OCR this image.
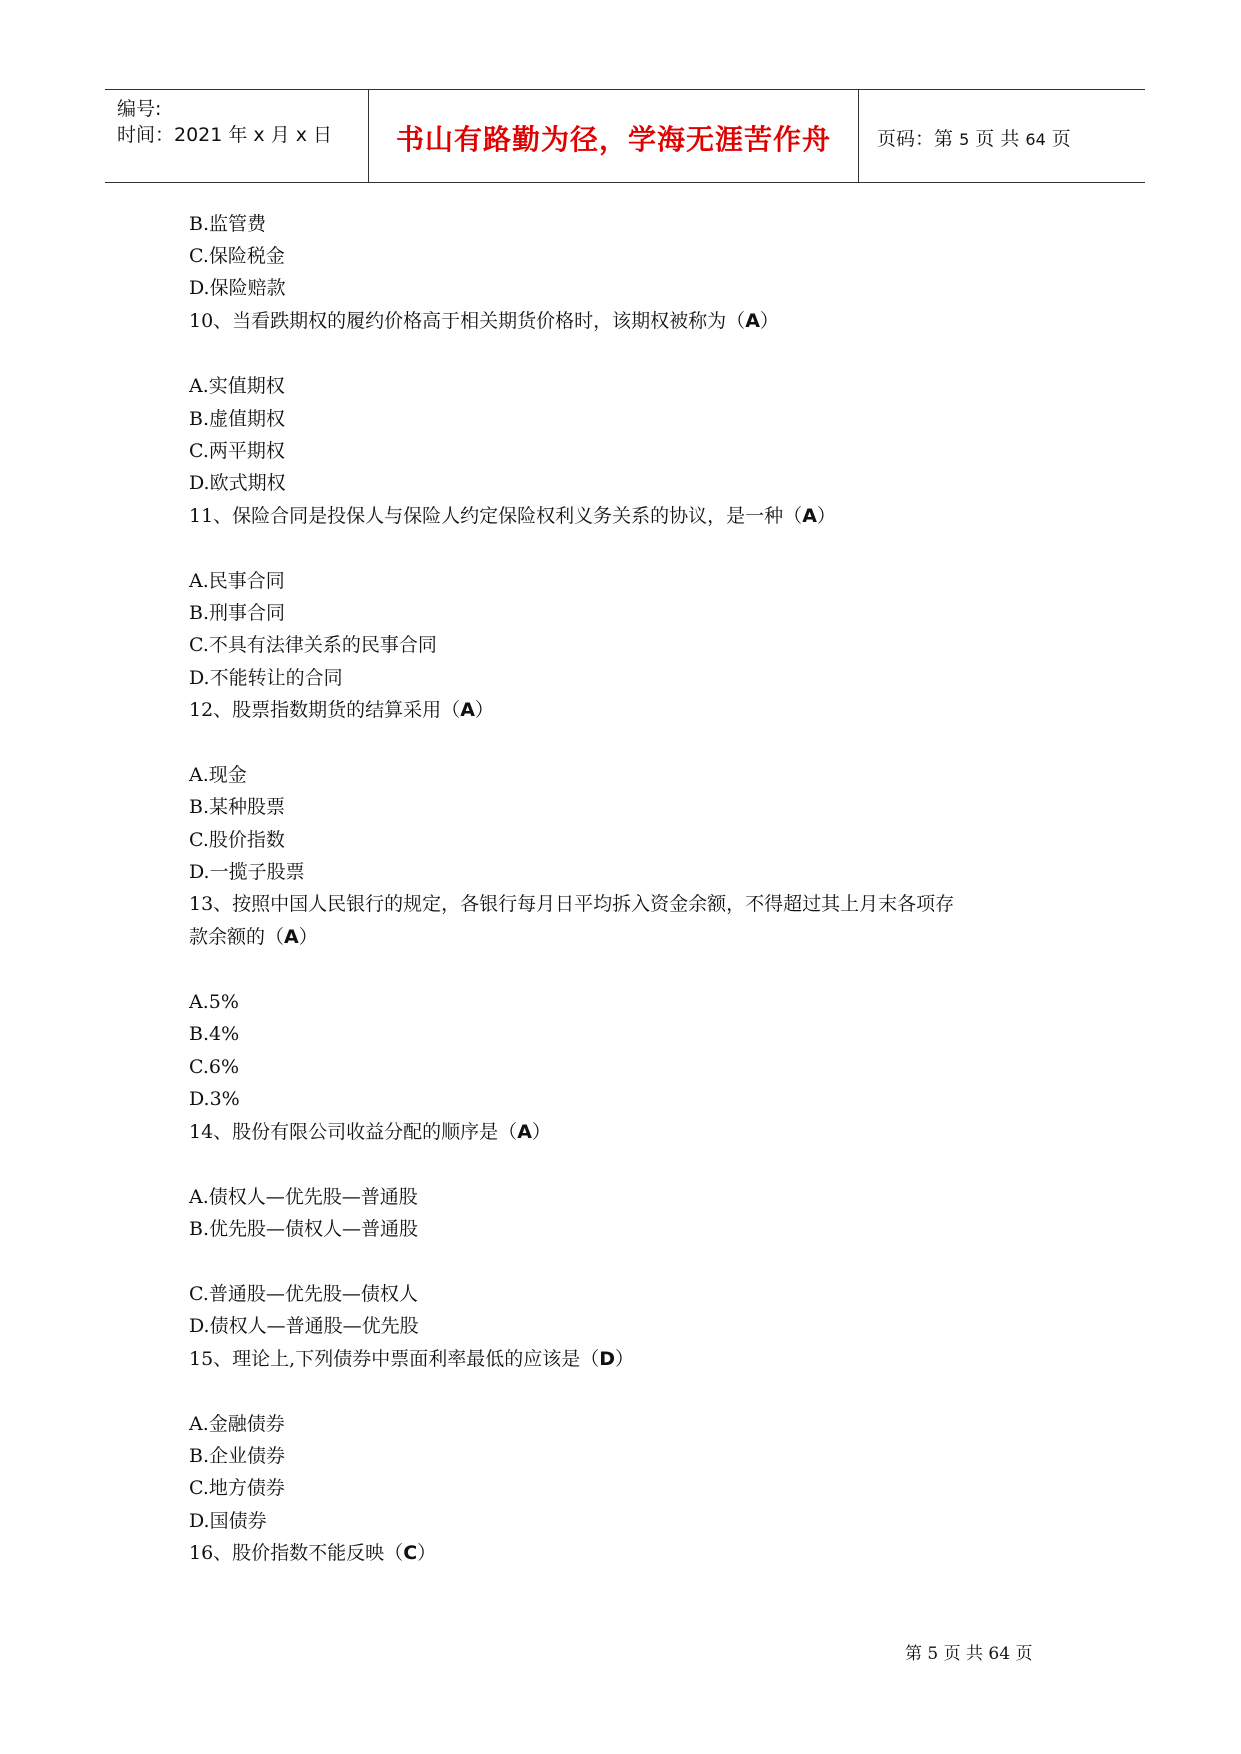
编号:
时间：2021 年 x 月 x 日	书山有路勤为径，学海无涯苦作舟	页码：第 5 页 共 64 页
B.监管费
C.保险税金
D.保险赔款
10、当看跌期权的履约价格高于相关期货价格时，该期权被称为（A）
A.实值期权
B.虚值期权
C.两平期权
D.欧式期权
11、保险合同是投保人与保险人约定保险权利义务关系的协议，是一种（A）
A.民事合同
B.刑事合同
C.不具有法律关系的民事合同
D.不能转让的合同
12、股票指数期货的结算采用（A）
A.现金
B.某种股票
C.股价指数
D.一揽子股票
13、按照中国人民银行的规定，各银行每月日平均拆入资金余额，不得超过其上月末各项存
款余额的（A）
A.5%
B.4%
C.6%
D.3%
14、股份有限公司收益分配的顺序是（A）
A.债权人—优先股—普通股
B.优先股—债权人—普通股
C.普通股—优先股—债权人
D.债权人—普通股—优先股
15、理论上,下列债券中票面利率最低的应该是（D）
A.金融债券
B.企业债券
C.地方债券
D.国债券
16、股价指数不能反映（C）
第 5 页 共 64 页
